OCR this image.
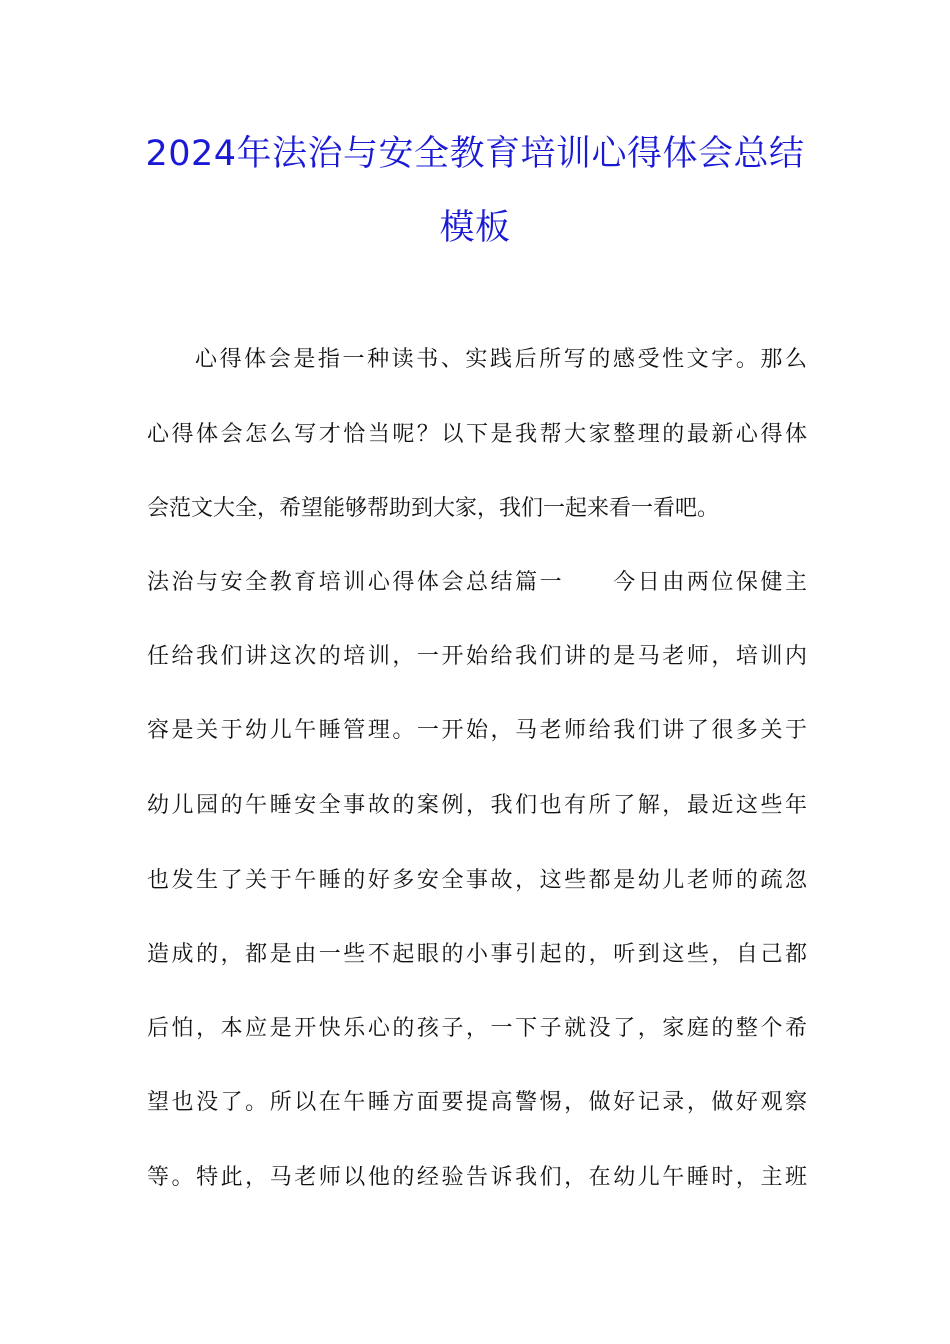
2024年法治与安全教育培训心得体会总结
模板
心得体会是指一种读书、实践后所写的感受性文字。那么
心得体会怎么写才恰当呢？以下是我帮大家整理的最新心得体
会范文大全，希望能够帮助到大家，我们一起来看一看吧。
法治与安全教育培训心得体会总结篇一　　今日由两位保健主
任给我们讲这次的培训，一开始给我们讲的是马老师，培训内
容是关于幼儿午睡管理。一开始，马老师给我们讲了很多关于
幼儿园的午睡安全事故的案例，我们也有所了解，最近这些年
也发生了关于午睡的好多安全事故，这些都是幼儿老师的疏忽
造成的，都是由一些不起眼的小事引起的，听到这些，自己都
后怕，本应是开快乐心的孩子，一下子就没了，家庭的整个希
望也没了。所以在午睡方面要提高警惕，做好记录，做好观察
等。特此，马老师以他的经验告诉我们，在幼儿午睡时，主班
